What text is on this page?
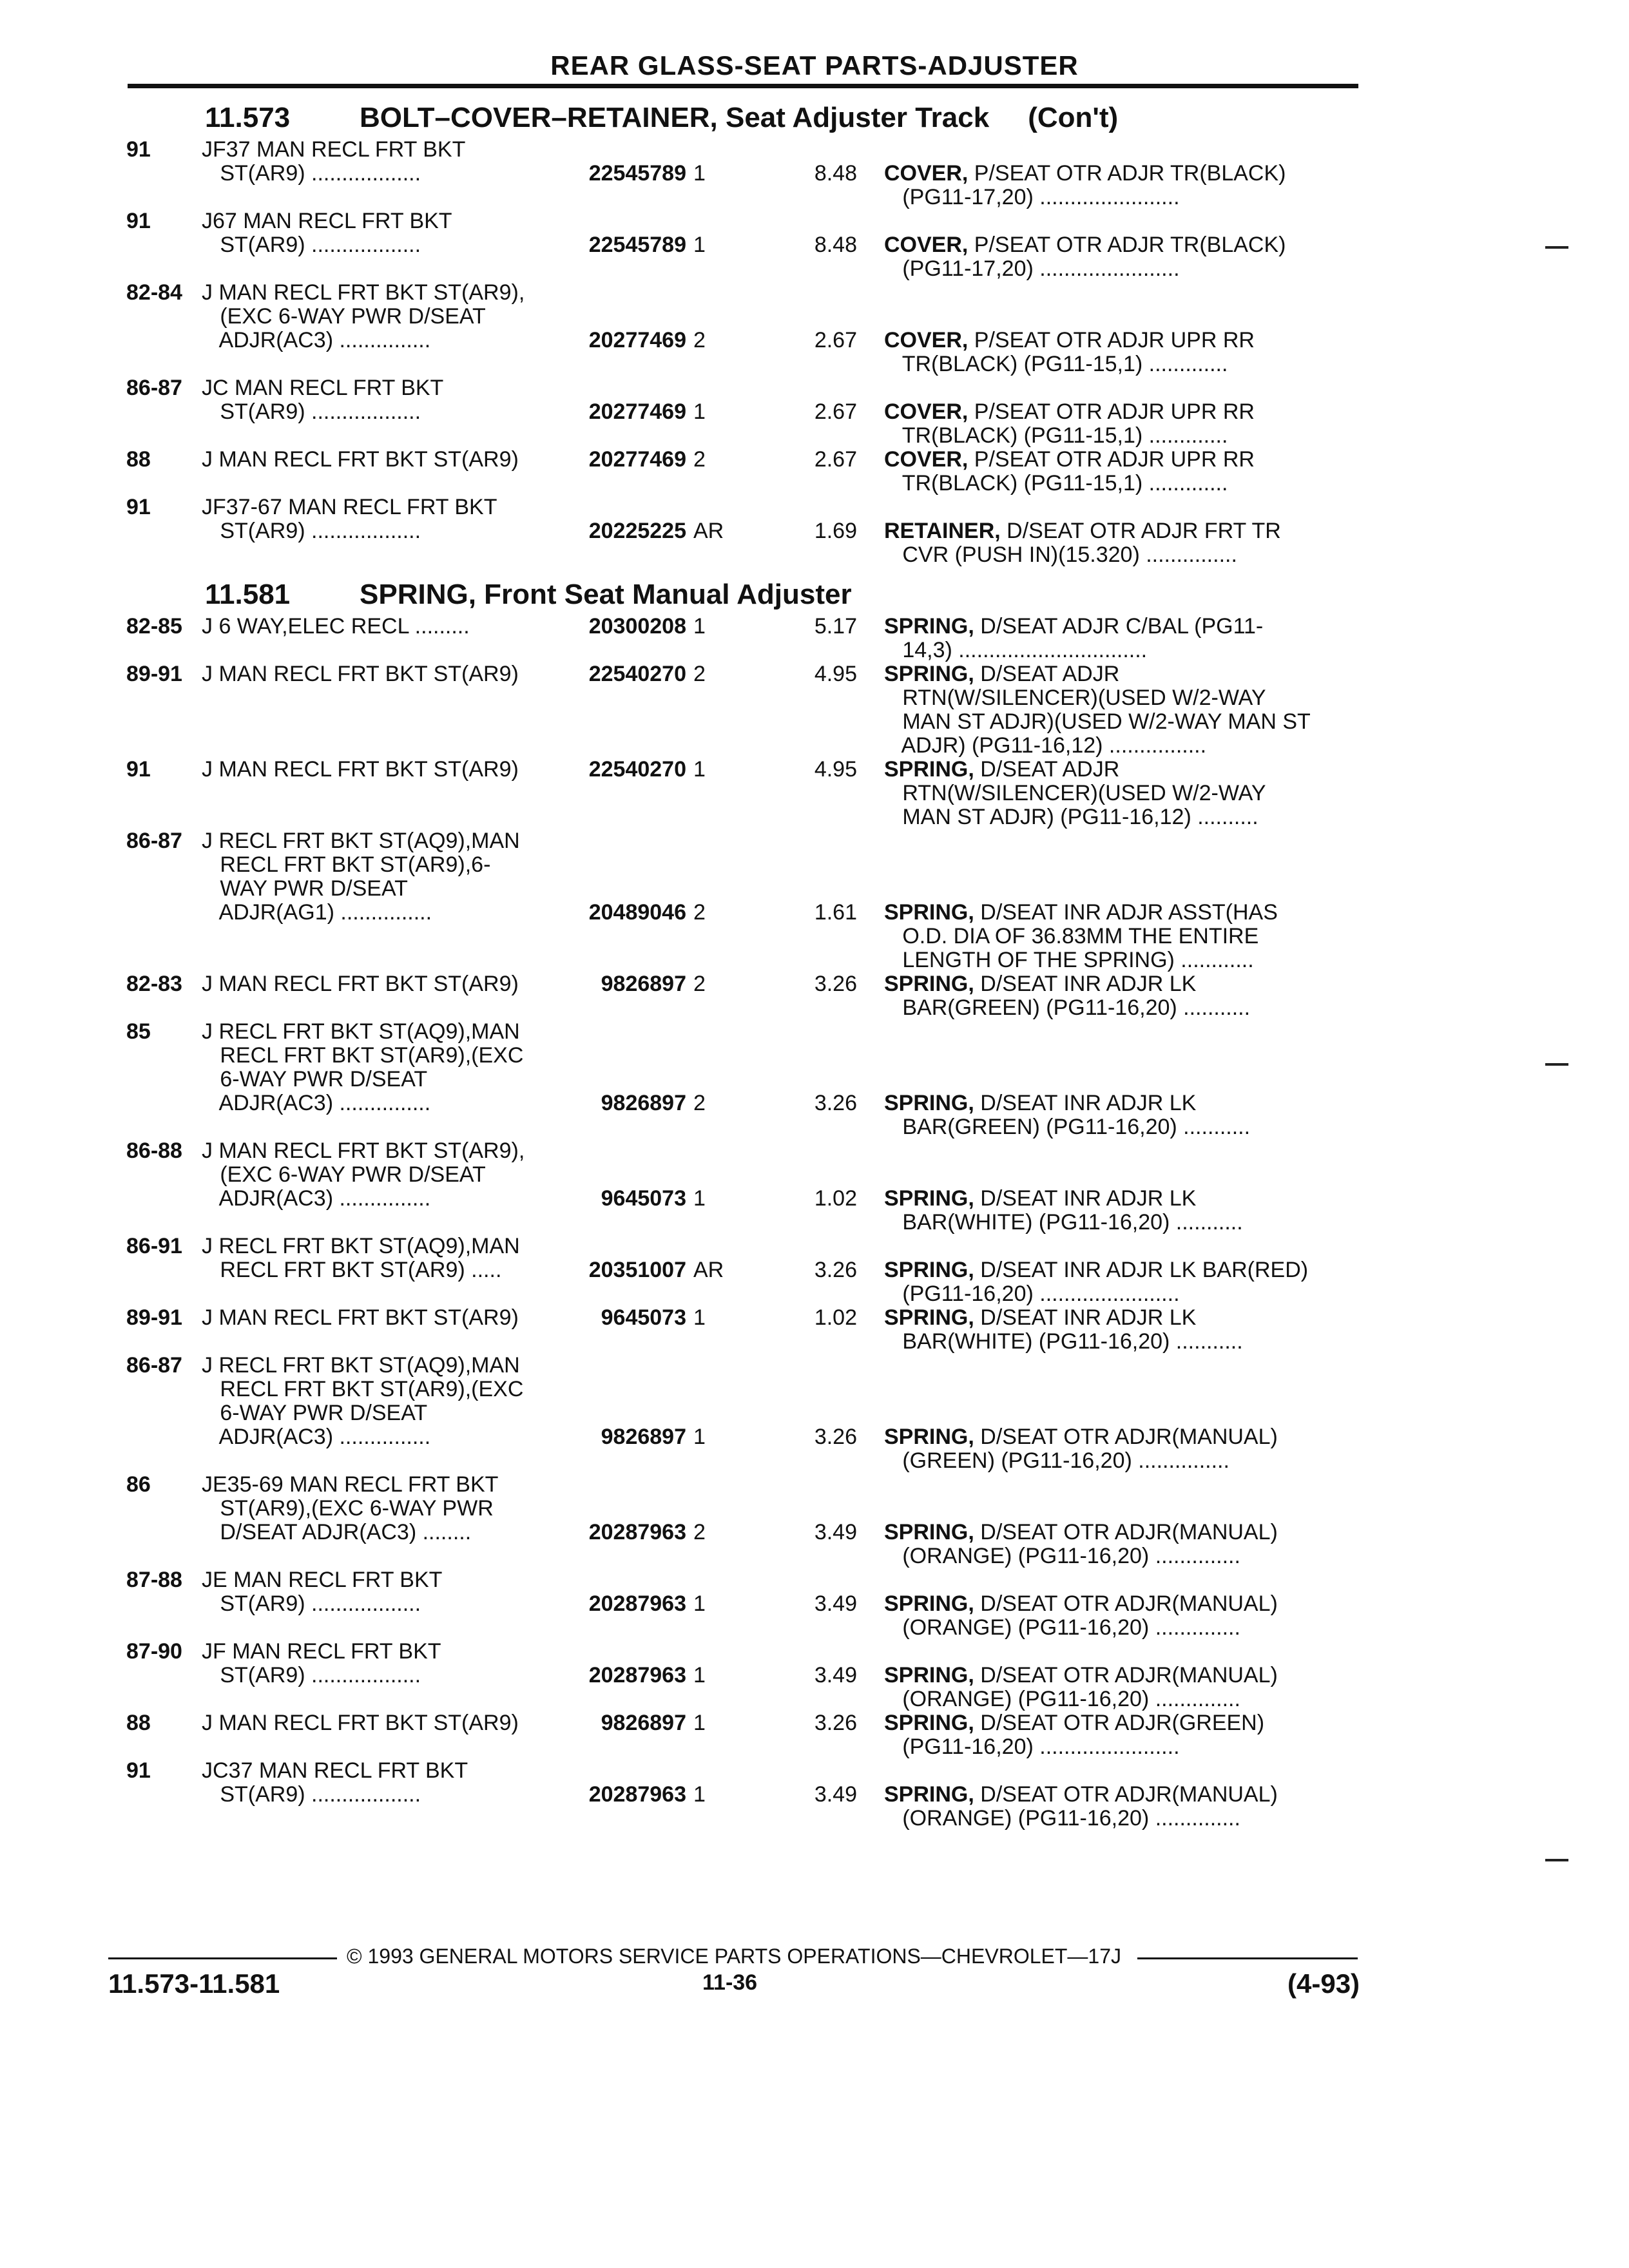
REAR GLASS-SEAT PARTS-ADJUSTER
11.573 BOLT–COVER–RETAINER, Seat Adjuster Track (Con't)
11.581 SPRING, Front Seat Manual Adjuster
91	JF37 MAN RECL FRT BKT
ST(AR9) ..................	22545789 1	8.48 COVER, P/SEAT OTR ADJR TR(BLACK)
(PG11-17,20) .......................
91	J67 MAN RECL FRT BKT
ST(AR9) ..................	22545789 1	8.48 COVER, P/SEAT OTR ADJR TR(BLACK)
(PG11-17,20) .......................
82-84 J MAN RECL FRT BKT ST(AR9),
(EXC 6-WAY PWR D/SEAT
ADJR(AC3) ...............	20277469 2	2.67 COVER, P/SEAT OTR ADJR UPR RR
TR(BLACK) (PG11-15,1) .............
86-87 JC MAN RECL FRT BKT
ST(AR9) ..................	20277469 1	2.67 COVER, P/SEAT OTR ADJR UPR RR
TR(BLACK) (PG11-15,1) .............
88	J MAN RECL FRT BKT ST(AR9)	20277469 2	2.67 COVER, P/SEAT OTR ADJR UPR RR
TR(BLACK) (PG11-15,1) .............
91	JF37-67 MAN RECL FRT BKT
ST(AR9) ..................	20225225 AR	1.69 RETAINER, D/SEAT OTR ADJR FRT TR
CVR (PUSH IN)(15.320) ...............
82-85 J 6 WAY,ELEC RECL .........	20300208 1	5.17 SPRING, D/SEAT ADJR C/BAL (PG11-
14,3) ...............................
89-91 J MAN RECL FRT BKT ST(AR9)	22540270 2	4.95 SPRING, D/SEAT ADJR
RTN(W/SILENCER)(USED W/2-WAY
MAN ST ADJR)(USED W/2-WAY MAN ST
ADJR) (PG11-16,12) ................
91	J MAN RECL FRT BKT ST(AR9)	22540270 1	4.95 SPRING, D/SEAT ADJR
RTN(W/SILENCER)(USED W/2-WAY
MAN ST ADJR) (PG11-16,12) ..........
86-87 J RECL FRT BKT ST(AQ9),MAN
RECL FRT BKT ST(AR9),6-
WAY PWR D/SEAT
ADJR(AG1) ...............	20489046 2	1.61 SPRING, D/SEAT INR ADJR ASST(HAS
O.D. DIA OF 36.83MM THE ENTIRE
LENGTH OF THE SPRING) ............
82-83 J MAN RECL FRT BKT ST(AR9)	9826897 2	3.26 SPRING, D/SEAT INR ADJR LK
BAR(GREEN) (PG11-16,20) ...........
85	J RECL FRT BKT ST(AQ9),MAN
RECL FRT BKT ST(AR9),(EXC
6-WAY PWR D/SEAT
ADJR(AC3) ...............	9826897 2	3.26 SPRING, D/SEAT INR ADJR LK
BAR(GREEN) (PG11-16,20) ...........
86-88 J MAN RECL FRT BKT ST(AR9),
(EXC 6-WAY PWR D/SEAT
ADJR(AC3) ...............	9645073 1	1.02 SPRING, D/SEAT INR ADJR LK
BAR(WHITE) (PG11-16,20) ...........
86-91 J RECL FRT BKT ST(AQ9),MAN
RECL FRT BKT ST(AR9) .....	20351007 AR	3.26 SPRING, D/SEAT INR ADJR LK BAR(RED)
(PG11-16,20) .......................
89-91 J MAN RECL FRT BKT ST(AR9)	9645073 1	1.02 SPRING, D/SEAT INR ADJR LK
BAR(WHITE) (PG11-16,20) ...........
86-87 J RECL FRT BKT ST(AQ9),MAN
RECL FRT BKT ST(AR9),(EXC
6-WAY PWR D/SEAT
ADJR(AC3) ...............	9826897 1	3.26 SPRING, D/SEAT OTR ADJR(MANUAL)
(GREEN) (PG11-16,20) ...............
86	JE35-69 MAN RECL FRT BKT
ST(AR9),(EXC 6-WAY PWR
D/SEAT ADJR(AC3) ........	20287963 2	3.49 SPRING, D/SEAT OTR ADJR(MANUAL)
(ORANGE) (PG11-16,20) ..............
87-88 JE MAN RECL FRT BKT
ST(AR9) ..................	20287963 1	3.49 SPRING, D/SEAT OTR ADJR(MANUAL)
(ORANGE) (PG11-16,20) ..............
87-90 JF MAN RECL FRT BKT
ST(AR9) ..................	20287963 1	3.49 SPRING, D/SEAT OTR ADJR(MANUAL)
(ORANGE) (PG11-16,20) ..............
88	J MAN RECL FRT BKT ST(AR9)	9826897 1	3.26 SPRING, D/SEAT OTR ADJR(GREEN)
(PG11-16,20) .......................
91	JC37 MAN RECL FRT BKT
ST(AR9) ..................	20287963 1	3.49 SPRING, D/SEAT OTR ADJR(MANUAL)
(ORANGE) (PG11-16,20) ..............
© 1993 GENERAL MOTORS SERVICE PARTS OPERATIONS—CHEVROLET—17J
11.573-11.581	11-36	(4-93)
